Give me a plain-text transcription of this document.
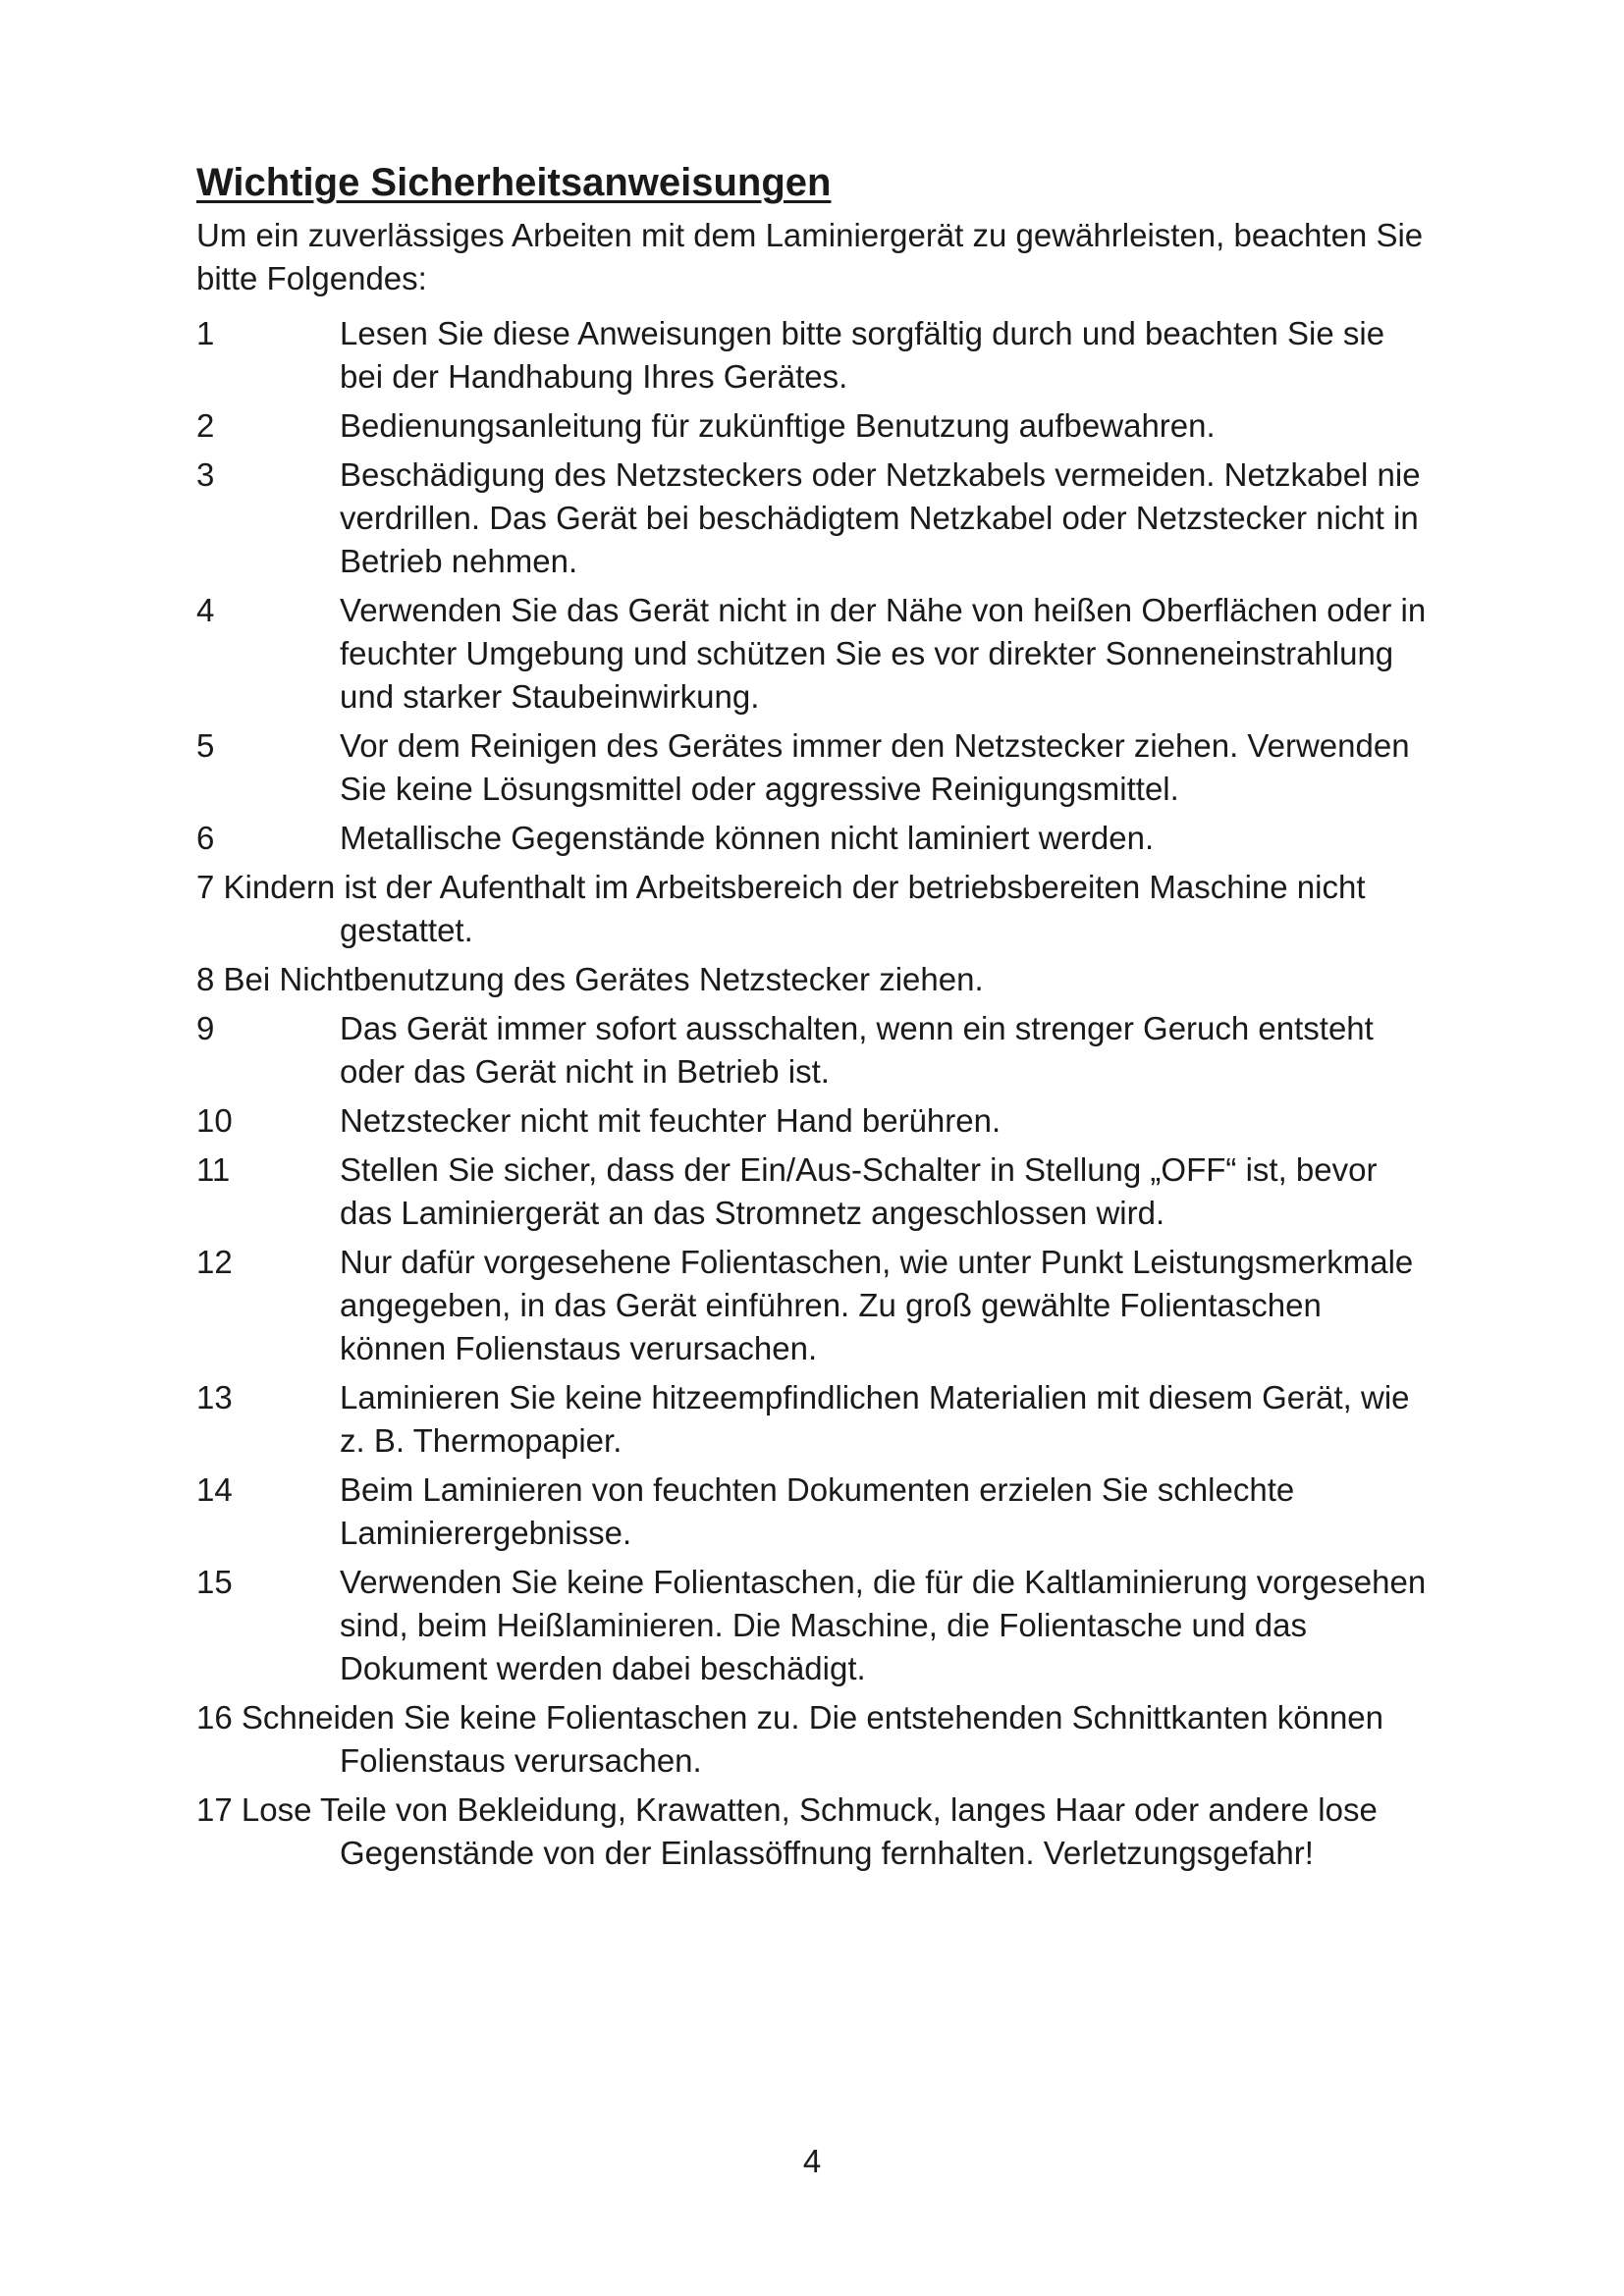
Wichtige Sicherheitsanweisungen

Um ein zuverlässiges Arbeiten mit dem Laminiergerät zu gewährleisten, beachten Sie bitte Folgendes:

1	Lesen Sie diese Anweisungen bitte sorgfältig durch und beachten Sie sie bei der Handhabung Ihres Gerätes.
2	Bedienungsanleitung für zukünftige Benutzung aufbewahren.
3	Beschädigung des Netzsteckers oder Netzkabels vermeiden. Netzkabel nie verdrillen. Das Gerät bei beschädigtem Netzkabel oder Netzstecker nicht in Betrieb nehmen.
4	Verwenden Sie das Gerät nicht in der Nähe von heißen Oberflächen oder in feuchter Umgebung und schützen Sie es vor direkter Sonneneinstrahlung und starker Staubeinwirkung.
5	Vor dem Reinigen des Gerätes immer den Netzstecker ziehen. Verwenden Sie keine Lösungsmittel oder aggressive Reinigungsmittel.
6	Metallische Gegenstände können nicht laminiert werden.
7 Kindern ist der Aufenthalt im Arbeitsbereich der betriebsbereiten Maschine nicht gestattet.
8 Bei Nichtbenutzung des Gerätes Netzstecker ziehen.
9	Das Gerät immer sofort ausschalten, wenn ein strenger Geruch entsteht oder das Gerät nicht in Betrieb ist.
10	Netzstecker nicht mit feuchter Hand berühren.
11	Stellen Sie sicher, dass der Ein/Aus-Schalter in Stellung „OFF“ ist, bevor das Laminiergerät an das Stromnetz angeschlossen wird.
12	Nur dafür vorgesehene Folientaschen, wie unter Punkt Leistungsmerkmale angegeben, in das Gerät einführen. Zu groß gewählte Folientaschen können Folienstaus verursachen.
13	Laminieren Sie keine hitzeempfindlichen Materialien mit diesem Gerät, wie z. B. Thermopapier.
14	Beim Laminieren von feuchten Dokumenten erzielen Sie schlechte Laminierergebnisse.
15	Verwenden Sie keine Folientaschen, die für die Kaltlaminierung vorgesehen sind, beim Heißlaminieren. Die Maschine, die Folientasche und das Dokument werden dabei beschädigt.
16 Schneiden Sie keine Folientaschen zu. Die entstehenden Schnittkanten können Folienstaus verursachen.
17 Lose Teile von Bekleidung, Krawatten, Schmuck, langes Haar oder andere lose Gegenstände von der Einlassöffnung fernhalten. Verletzungsgefahr!
4
